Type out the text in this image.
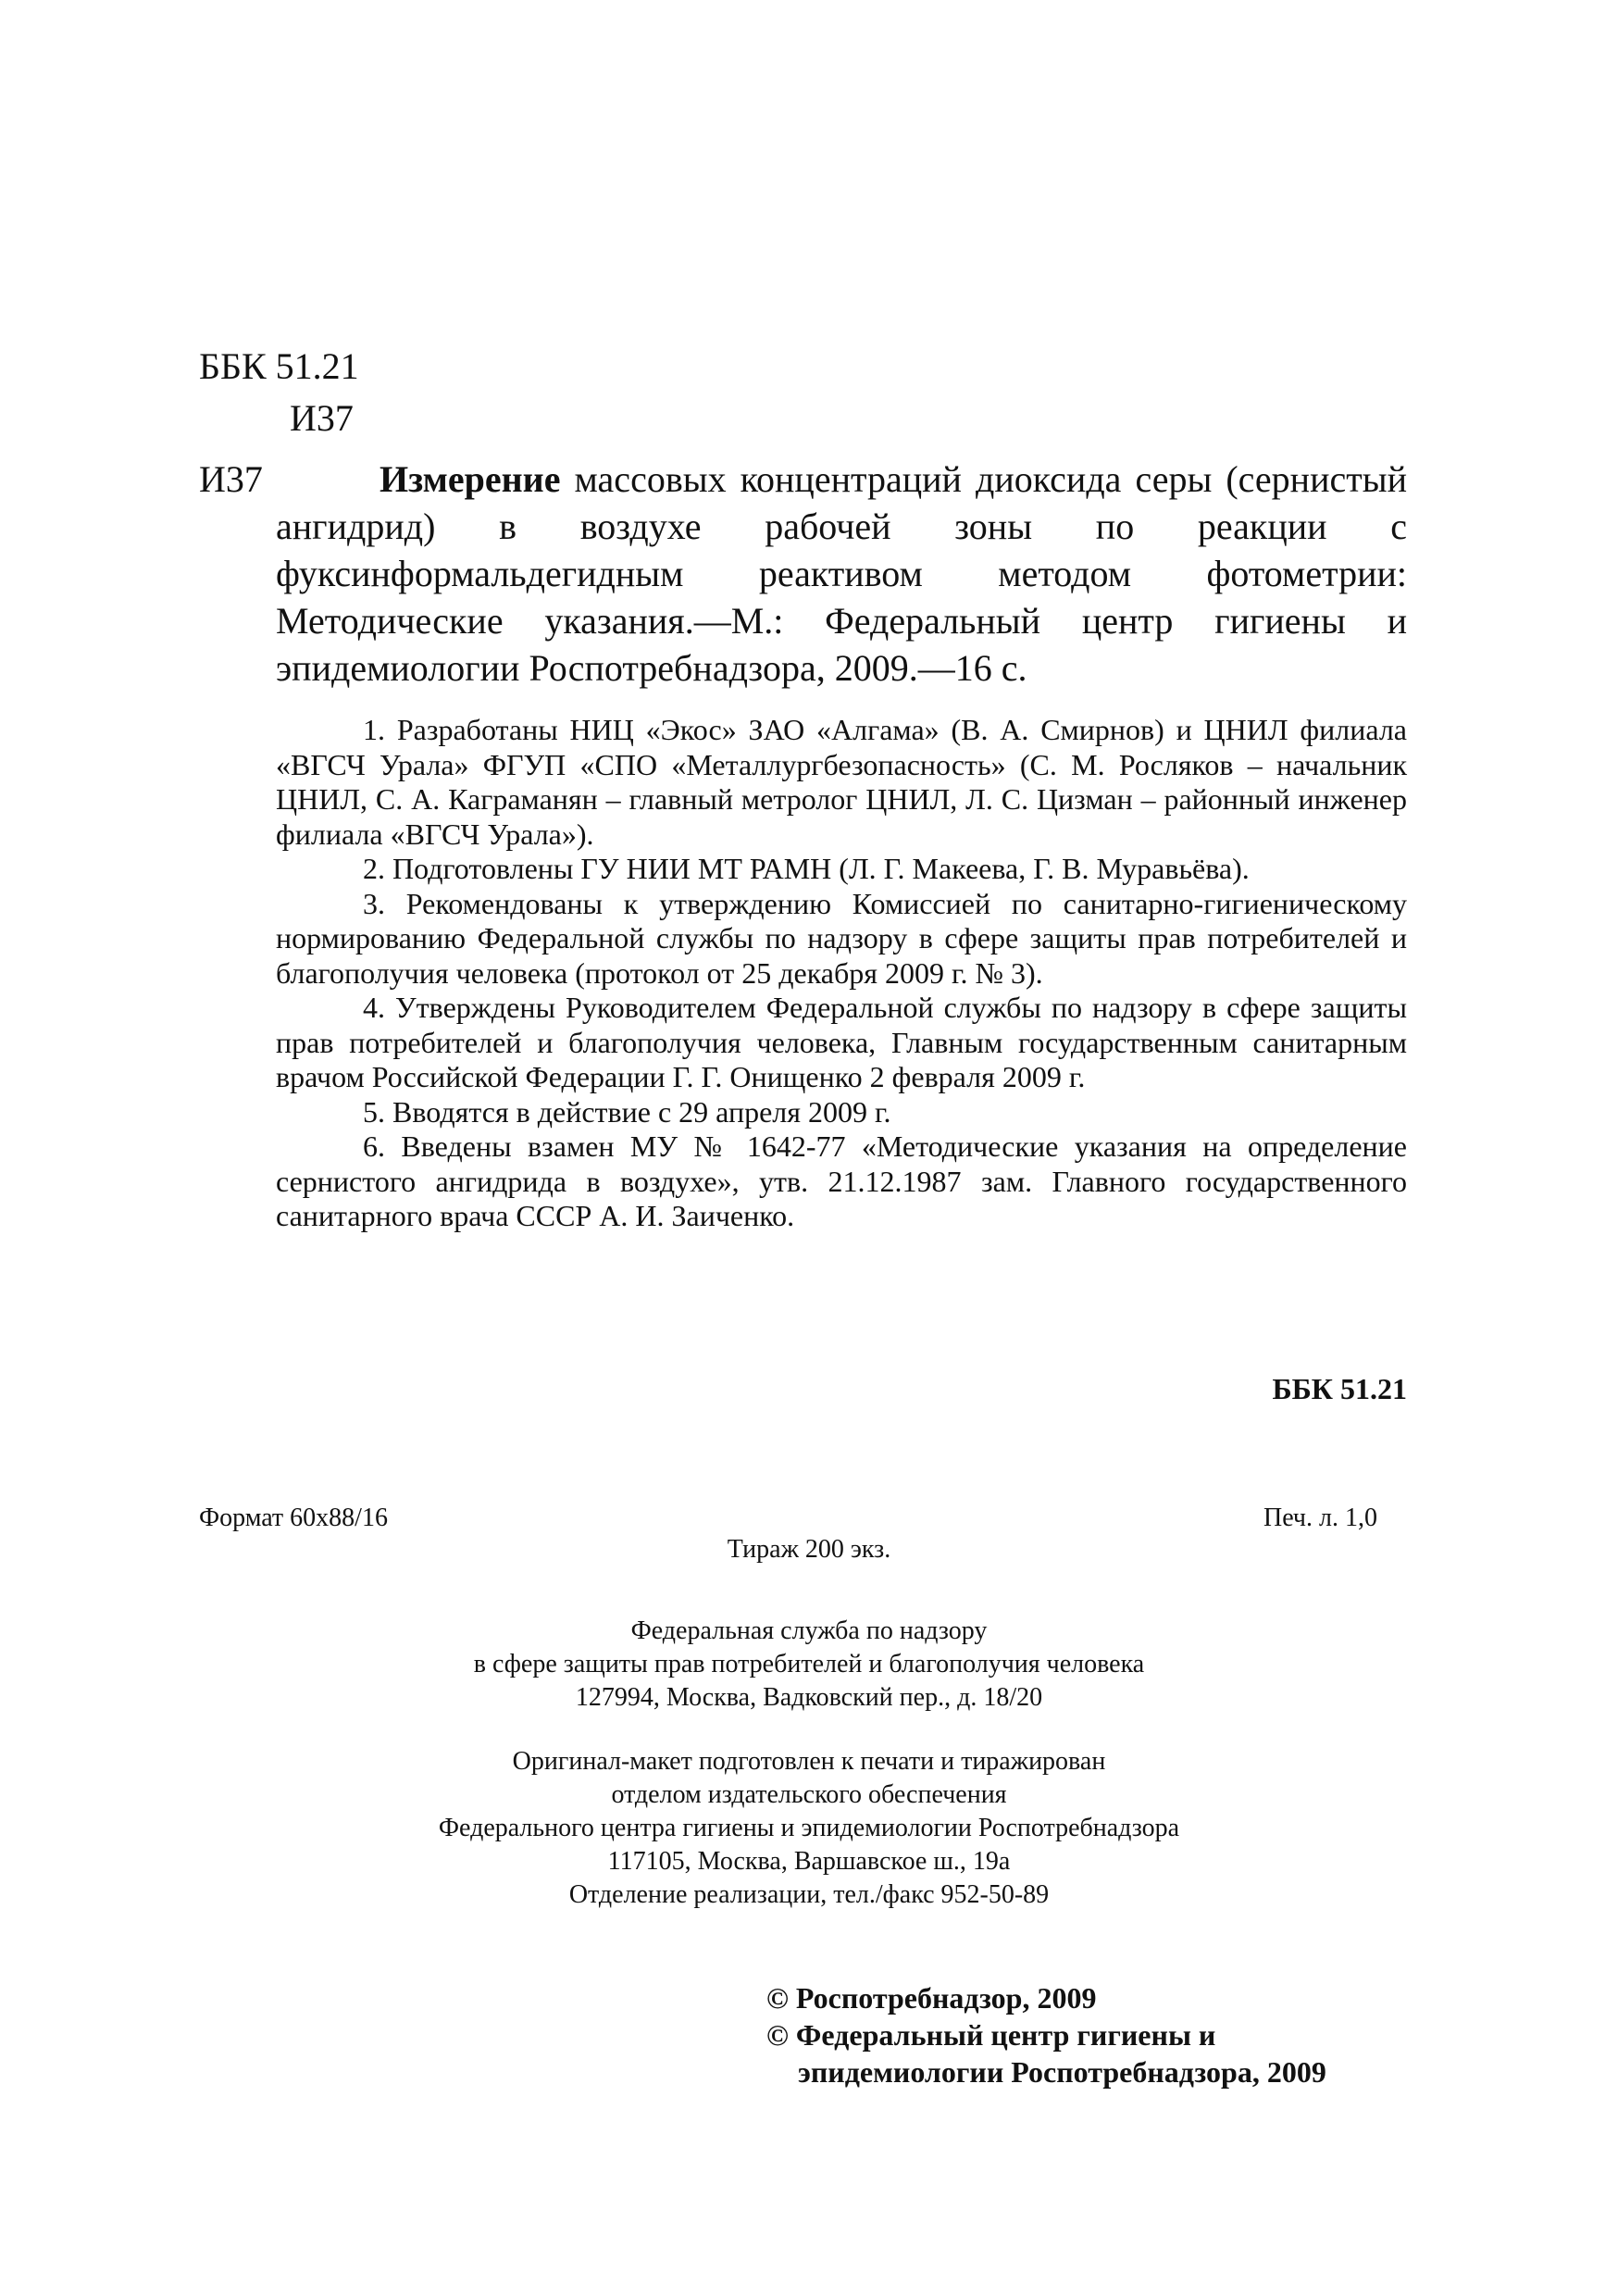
ББК 51.21
И37
И37	Измерение массовых концентраций диоксида серы (сернистый ангидрид) в воздухе рабочей зоны по реакции с фуксинформальдегидным реактивом методом фотометрии: Методические указания.—М.: Федеральный центр гигиены и эпидемиологии Роспотребнадзора, 2009.—16 с.

1. Разработаны НИЦ «Экос» ЗАО «Алгама» (В. А. Смирнов) и ЦНИЛ филиала «ВГСЧ Урала» ФГУП «СПО «Металлургбезопасность» (С. М. Росляков – начальник ЦНИЛ, С. А. Каграманян – главный метролог ЦНИЛ, Л. С. Цизман – районный инженер филиала «ВГСЧ Урала»).

2. Подготовлены ГУ НИИ МТ РАМН (Л. Г. Макеева, Г. В. Муравьёва).

3. Рекомендованы к утверждению Комиссией по санитарно-гигиеническому нормированию Федеральной службы по надзору в сфере защиты прав потребителей и благополучия человека (протокол от 25 декабря 2009 г. № 3).

4. Утверждены Руководителем Федеральной службы по надзору в сфере защиты прав потребителей и благополучия человека, Главным государственным санитарным врачом Российской Федерации Г. Г. Онищенко 2 февраля 2009 г.

5. Вводятся в действие с 29 апреля 2009 г.

6. Введены взамен МУ № 1642-77 «Методические указания на определение сернистого ангидрида в воздухе», утв. 21.12.1987 зам. Главного государственного санитарного врача СССР А. И. Заиченко.

ББК 51.21
Формат 60x88/16	Печ. л. 1,0
Тираж 200 экз.
Федеральная служба по надзору
в сфере защиты прав потребителей и благополучия человека
127994, Москва, Вадковский пер., д. 18/20
Оригинал-макет подготовлен к печати и тиражирован
отделом издательского обеспечения
Федерального центра гигиены и эпидемиологии Роспотребнадзора
117105, Москва, Варшавское ш., 19а
Отделение реализации, тел./факс 952-50-89
© Роспотребнадзор, 2009
© Федеральный центр гигиены и
эпидемиологии Роспотребнадзора, 2009
